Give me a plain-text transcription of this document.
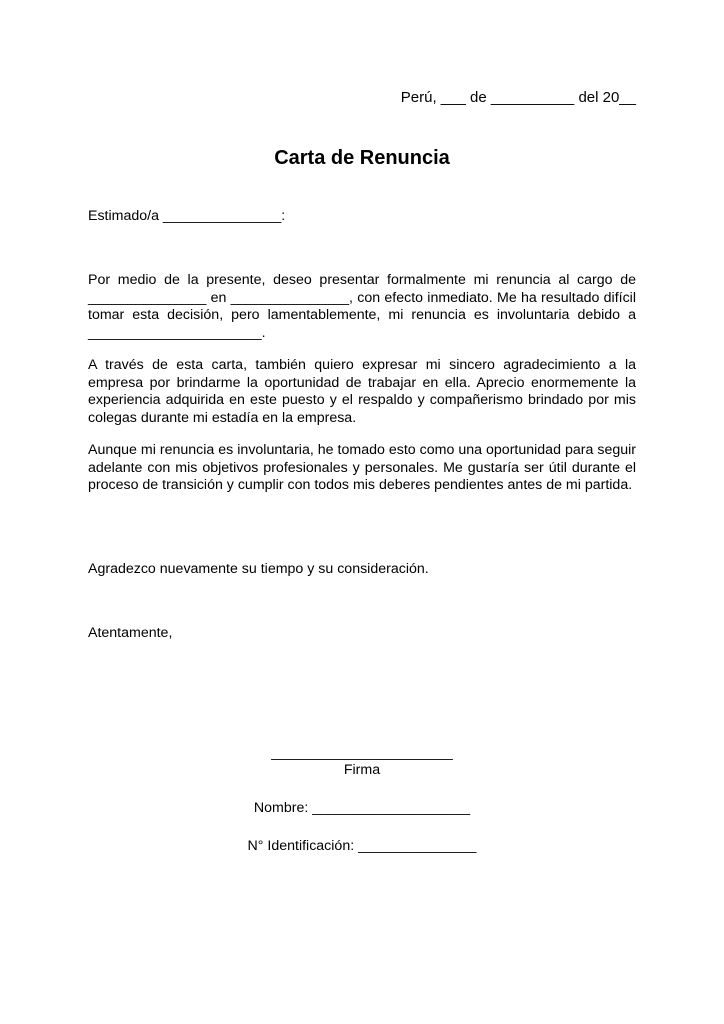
Perú, ___ de __________ del 20__
Carta de Renuncia

Estimado/a _______________:

Por medio de la presente, deseo presentar formalmente mi renuncia al cargo de _______________ en _______________, con efecto inmediato. Me ha resultado difícil tomar esta decisión, pero lamentablemente, mi renuncia es involuntaria debido a ______________________.

A través de esta carta, también quiero expresar mi sincero agradecimiento a la empresa por brindarme la oportunidad de trabajar en ella. Aprecio enormemente la experiencia adquirida en este puesto y el respaldo y compañerismo brindado por mis colegas durante mi estadía en la empresa.

Aunque mi renuncia es involuntaria, he tomado esto como una oportunidad para seguir adelante con mis objetivos profesionales y personales. Me gustaría ser útil durante el proceso de transición y cumplir con todos mis deberes pendientes antes de mi partida.

Agradezco nuevamente su tiempo y su consideración.

Atentamente,

_______________________
Firma
Nombre: ____________________
N° Identificación: _______________
